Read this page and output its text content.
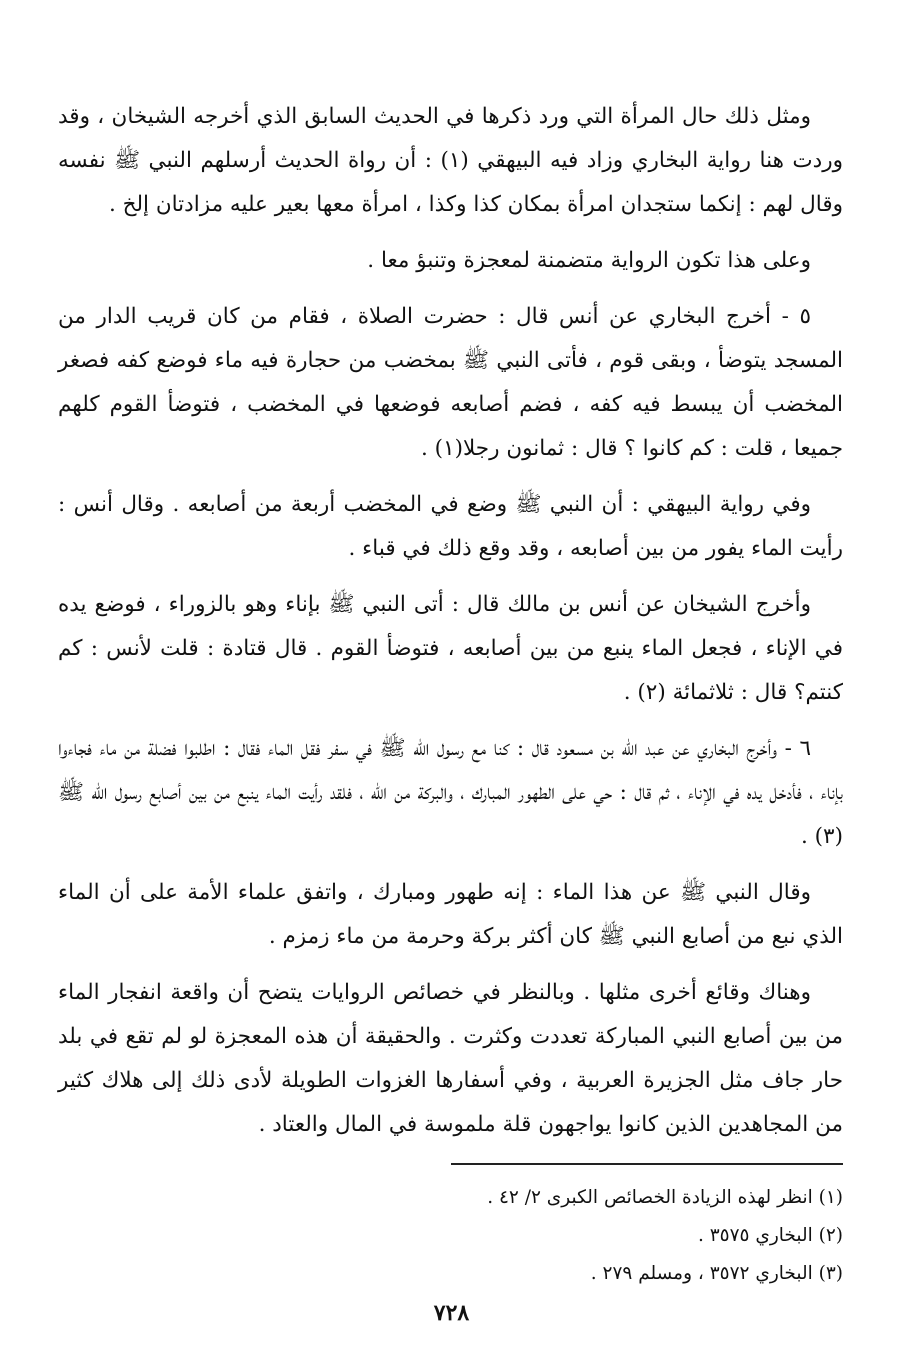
ومثل ذلك حال المرأة التي ورد ذكرها في الحديث السابق الذي أخرجه الشيخان ، وقد وردت هنا رواية البخاري وزاد فيه البيهقي (١) : أن رواة الحديث أرسلهم النبي ﷺ نفسه وقال لهم : إنكما ستجدان امرأة بمكان كذا وكذا ، امرأة معها بعير عليه مزادتان إلخ .

وعلى هذا تكون الرواية متضمنة لمعجزة وتنبؤ معا .

٥ - أخرج البخاري عن أنس قال : حضرت الصلاة ، فقام من كان قريب الدار من المسجد يتوضأ ، وبقى قوم ، فأتى النبي ﷺ بمخضب من حجارة فيه ماء فوضع كفه فصغر المخضب أن يبسط فيه كفه ، فضم أصابعه فوضعها في المخضب ، فتوضأ القوم كلهم جميعا ، قلت : كم كانوا ؟ قال : ثمانون رجلا(١) .

وفي رواية البيهقي : أن النبي ﷺ وضع في المخضب أربعة من أصابعه . وقال أنس : رأيت الماء يفور من بين أصابعه ، وقد وقع ذلك في قباء .

وأخرج الشيخان عن أنس بن مالك قال : أتى النبي ﷺ بإناء وهو بالزوراء ، فوضع يده في الإناء ، فجعل الماء ينبع من بين أصابعه ، فتوضأ القوم . قال قتادة : قلت لأنس : كم كنتم؟ قال : ثلاثمائة (٢) .

٦ - وأخرج البخاري عن عبد الله بن مسعود قال : كنا مع رسول الله ﷺ في سفر فقل الماء فقال : اطلبوا فضلة من ماء فجاءوا بإناء ، فأدخل يده في الإناء ، ثم قال : حي على الطهور المبارك ، والبركة من الله ، فلقد رأيت الماء ينبع من بين أصابع رسول الله ﷺ (٣) .

وقال النبي ﷺ عن هذا الماء : إنه طهور ومبارك ، واتفق علماء الأمة على أن الماء الذي نبع من أصابع النبي ﷺ كان أكثر بركة وحرمة من ماء زمزم .

وهناك وقائع أخرى مثلها . وبالنظر في خصائص الروايات يتضح أن واقعة انفجار الماء من بين أصابع النبي المباركة تعددت وكثرت . والحقيقة أن هذه المعجزة لو لم تقع في بلد حار جاف مثل الجزيرة العربية ، وفي أسفارها الغزوات الطويلة لأدى ذلك إلى هلاك كثير من المجاهدين الذين كانوا يواجهون قلة ملموسة في المال والعتاد .

(١) انظر لهذه الزيادة الخصائص الكبرى ٢/ ٤٢ .

(٢) البخاري ٣٥٧٥ .

(٣) البخاري ٣٥٧٢ ، ومسلم ٢٧٩ .

٧٢٨
